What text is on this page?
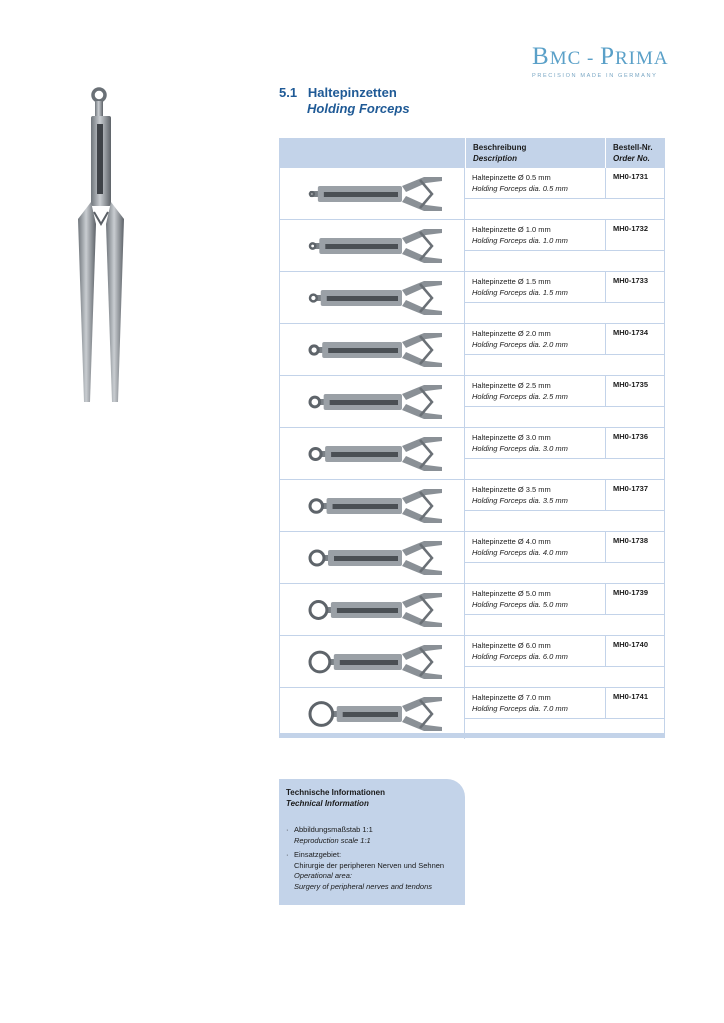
BMC - PRIMA
PRECISION MADE IN GERMANY
5.1 Haltepinzetten
Holding Forceps
Beschreibung
Description
Bestell-Nr.
Order No.
Haltepinzette Ø 0.5 mm
Holding Forceps dia. 0.5 mm
MH0-1731
Haltepinzette Ø 1.0 mm
Holding Forceps dia. 1.0 mm
MH0-1732
Haltepinzette Ø 1.5 mm
Holding Forceps dia. 1.5 mm
MH0-1733
Haltepinzette Ø 2.0 mm
Holding Forceps dia. 2.0 mm
MH0-1734
Haltepinzette Ø 2.5 mm
Holding Forceps dia. 2.5 mm
MH0-1735
Haltepinzette Ø 3.0 mm
Holding Forceps dia. 3.0 mm
MH0-1736
Haltepinzette Ø 3.5 mm
Holding Forceps dia. 3.5 mm
MH0-1737
Haltepinzette Ø 4.0 mm
Holding Forceps dia. 4.0 mm
MH0-1738
Haltepinzette Ø 5.0 mm
Holding Forceps dia. 5.0 mm
MH0-1739
Haltepinzette Ø 6.0 mm
Holding Forceps dia. 6.0 mm
MH0-1740
Haltepinzette Ø 7.0 mm
Holding Forceps dia. 7.0 mm
MH0-1741
Technische Informationen
Technical Information
· Abbildungsmaßstab 1:1
Reproduction scale 1:1
· Einsatzgebiet:
Chirurgie der peripheren Nerven und Sehnen
Operational area:
Surgery of peripheral nerves and tendons
